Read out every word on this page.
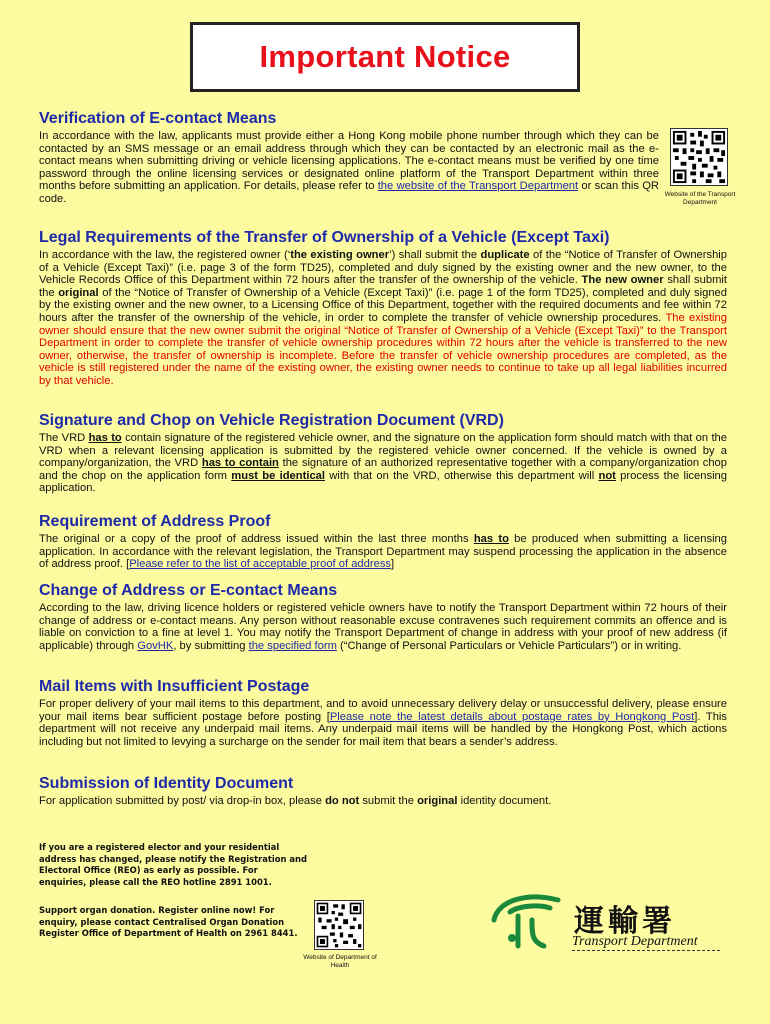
Important Notice
Verification of E-contact Means

In accordance with the law, applicants must provide either a Hong Kong mobile phone number through which they can be contacted by an SMS message or an email address through which they can be contacted by an electronic mail as the e-contact means when submitting driving or vehicle licensing applications. The e-contact means must be verified by one time password through the online licensing services or designated online platform of the Transport Department within three months before submitting an application. For details, please refer to the website of the Transport Department or scan this QR code.	Website of the Transport Department
Legal Requirements of the Transfer of Ownership of a Vehicle (Except Taxi)

In accordance with the law, the registered owner (‘the existing owner’) shall submit the duplicate of the “Notice of Transfer of Ownership of a Vehicle (Except Taxi)” (i.e. page 3 of the form TD25), completed and duly signed by the existing owner and the new owner, to the Vehicle Records Office of this Department within 72 hours after the transfer of the ownership of the vehicle. The new owner shall submit the original of the “Notice of Transfer of Ownership of a Vehicle (Except Taxi)” (i.e. page 1 of the form TD25), completed and duly signed by the existing owner and the new owner, to a Licensing Office of this Department, together with the required documents and fee within 72 hours after the transfer of the ownership of the vehicle, in order to complete the transfer of vehicle ownership procedures. The existing owner should ensure that the new owner submit the original “Notice of Transfer of Ownership of a Vehicle (Except Taxi)” to the Transport Department in order to complete the transfer of vehicle ownership procedures within 72 hours after the vehicle is transferred to the new owner, otherwise, the transfer of ownership is incomplete. Before the transfer of vehicle ownership procedures are completed, as the vehicle is still registered under the name of the existing owner, the existing owner needs to continue to take up all legal liabilities incurred by that vehicle.

Signature and Chop on Vehicle Registration Document (VRD)

The VRD has to contain signature of the registered vehicle owner, and the signature on the application form should match with that on the VRD when a relevant licensing application is submitted by the registered vehicle owner concerned. If the vehicle is owned by a company/organization, the VRD has to contain the signature of an authorized representative together with a company/organization chop and the chop on the application form must be identical with that on the VRD, otherwise this department will not process the licensing application.

Requirement of Address Proof

The original or a copy of the proof of address issued within the last three months has to be produced when submitting a licensing application. In accordance with the relevant legislation, the Transport Department may suspend processing the application in the absence of address proof. [Please refer to the list of acceptable proof of address]

Change of Address or E-contact Means

According to the law, driving licence holders or registered vehicle owners have to notify the Transport Department within 72 hours of their change of address or e-contact means. Any person without reasonable excuse contravenes such requirement commits an offence and is liable on conviction to a fine at level 1. You may notify the Transport Department of change in address with your proof of new address (if applicable) through GovHK, by submitting the specified form (“Change of Personal Particulars or Vehicle Particulars”) or in writing.

Mail Items with Insufficient Postage

For proper delivery of your mail items to this department, and to avoid unnecessary delivery delay or unsuccessful delivery, please ensure your mail items bear sufficient postage before posting [Please note the latest details about postage rates by Hongkong Post]. This department will not receive any underpaid mail items. Any underpaid mail items will be handled by the Hongkong Post, which actions including but not limited to levying a surcharge on the sender for mail item that bears a sender’s address.

Submission of Identity Document

For application submitted by post/ via drop-in box, please do not submit the original identity document.

If you are a registered elector and your residential address has changed, please notify the Registration and Electoral Office (REO) as early as possible. For enquiries, please call the REO hotline 2891 1001.
Support organ donation. Register online now! For enquiry, please contact Centralised Organ Donation Register Office of Department of Health on 2961 8441.
Website of Department of Health
運輸署
Transport Department
